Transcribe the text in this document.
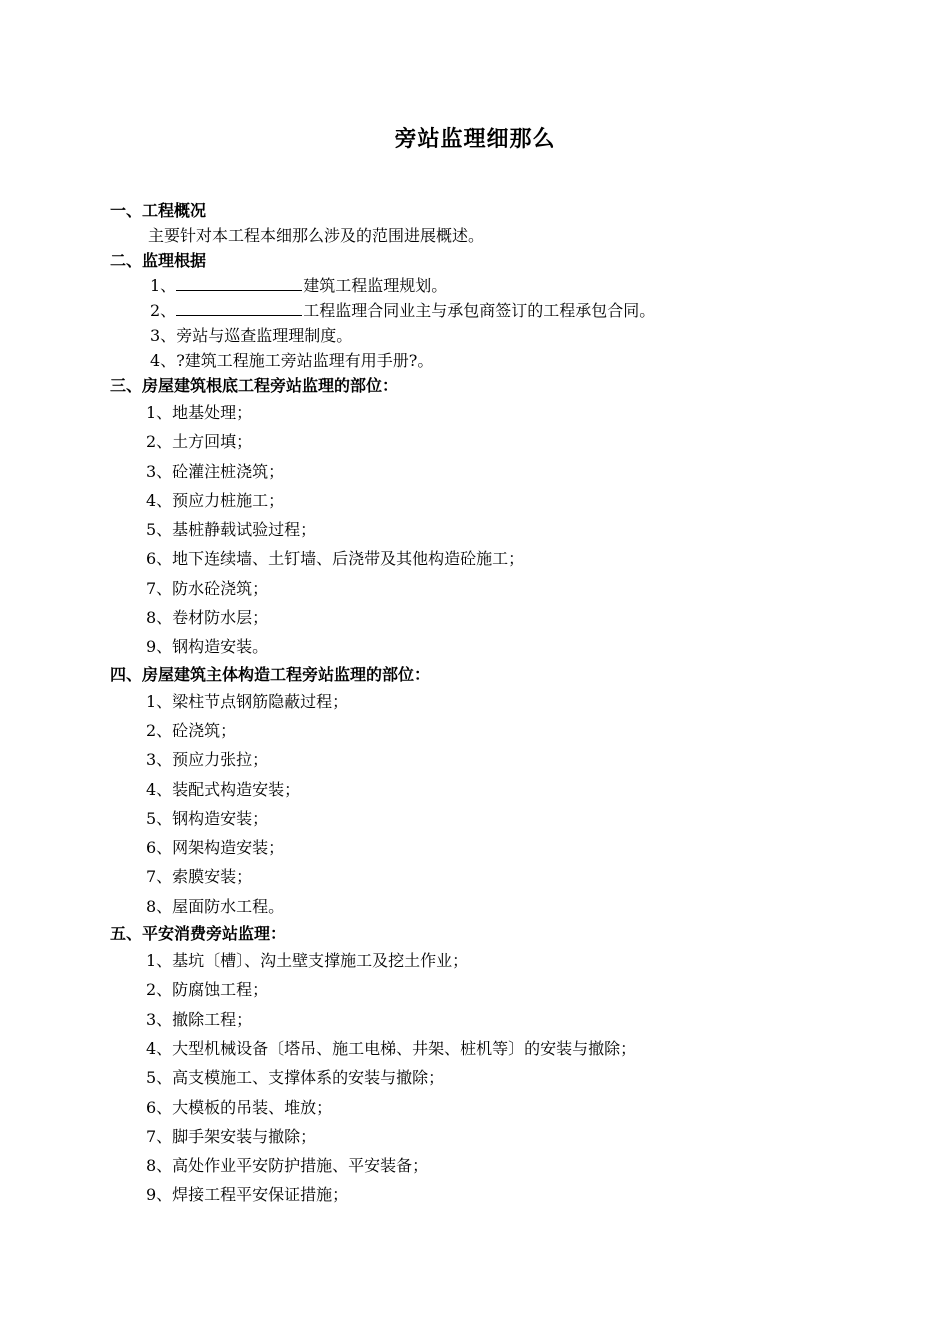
旁站监理细那么
一、工程概况
主要针对本工程本细那么涉及的范围进展概述。
二、监理根据
1、	建筑工程监理规划。
2、	工程监理合同业主与承包商签订的工程承包合同。
3、旁站与巡查监理理制度。
4、?建筑工程施工旁站监理有用手册?。
三、房屋建筑根底工程旁站监理的部位：
1、地基处理；
2、土方回填；
3、砼灌注桩浇筑；
4、预应力桩施工；
5、基桩静载试验过程；
6、地下连续墙、土钉墙、后浇带及其他构造砼施工；
7、防水砼浇筑；
8、卷材防水层；
9、钢构造安装。
四、房屋建筑主体构造工程旁站监理的部位：
1、梁柱节点钢筋隐蔽过程；
2、砼浇筑；
3、预应力张拉；
4、装配式构造安装；
5、钢构造安装；
6、网架构造安装；
7、索膜安装；
8、屋面防水工程。
五、平安消费旁站监理：
1、基坑〔槽〕、沟土壁支撑施工及挖土作业；
2、防腐蚀工程；
3、撤除工程；
4、大型机械设备〔塔吊、施工电梯、井架、桩机等〕的安装与撤除；
5、高支模施工、支撑体系的安装与撤除；
6、大模板的吊装、堆放；
7、脚手架安装与撤除；
8、高处作业平安防护措施、平安装备；
9、焊接工程平安保证措施；
